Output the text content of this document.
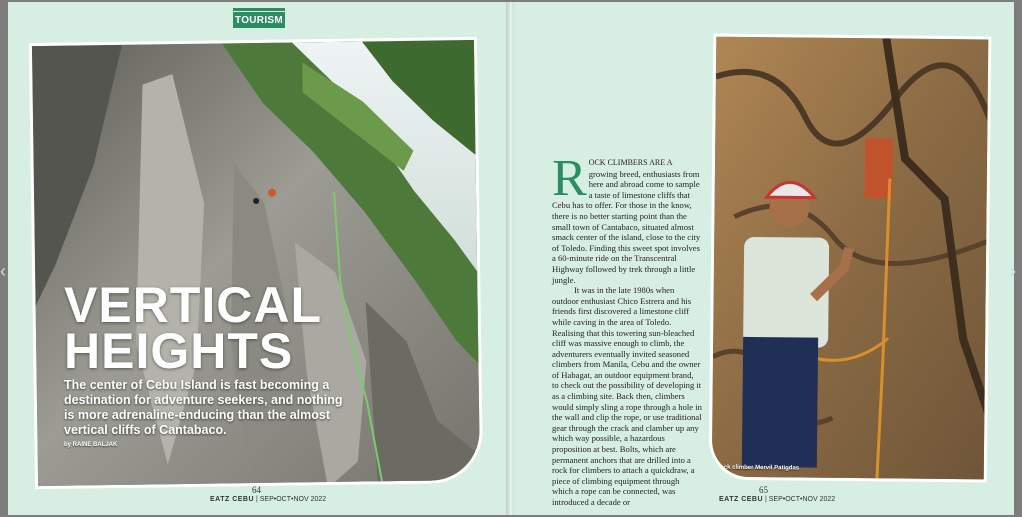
TOURISM
VERTICAL
HEIGHTS
The center of Cebu Island is fast becoming a destination for adventure seekers, and nothing is more adrenaline-enducing than the almost vertical cliffs of Cantabaco.
by RAINE BALJAK
64
EATZ CEBU | SEP•OCT•NOV 2022

ROCK CLIMBERS ARE A growing breed, enthusiasts from here and abroad come to sample a taste of limestone cliffs that Cebu has to offer. For those in the know, there is no better starting point than the small town of Cantabaco, situated almost smack center of the island, close to the city of Toledo. Finding this sweet spot involves a 60-minute ride on the Transcentral Highway followed by trek through a little jungle.

It was in the late 1980s when outdoor enthusiast Chico Estrera and his friends first discovered a limestone cliff while caving in the area of Toledo. Realising that this towering sun-bleached cliff was massive enough to climb, the adventurers eventually invited seasoned climbers from Manila, Cebu and the owner of Habagat, an outdoor equipment brand, to check out the possibility of developing it as a climbing site. Back then, climbers would simply sling a rope through a hole in the wall and clip the rope, or use traditional gear through the crack and clamber up any which way possible, a hazardous proposition at best. Bolts, which are permanent anchors that are drilled into a rock for climbers to attach a quickdraw, a piece of climbing equipment through which a rope can be connected, was introduced a decade or

Rock climber Mervil Patigdas
65
EATZ CEBU | SEP•OCT•NOV 2022
‹	›
